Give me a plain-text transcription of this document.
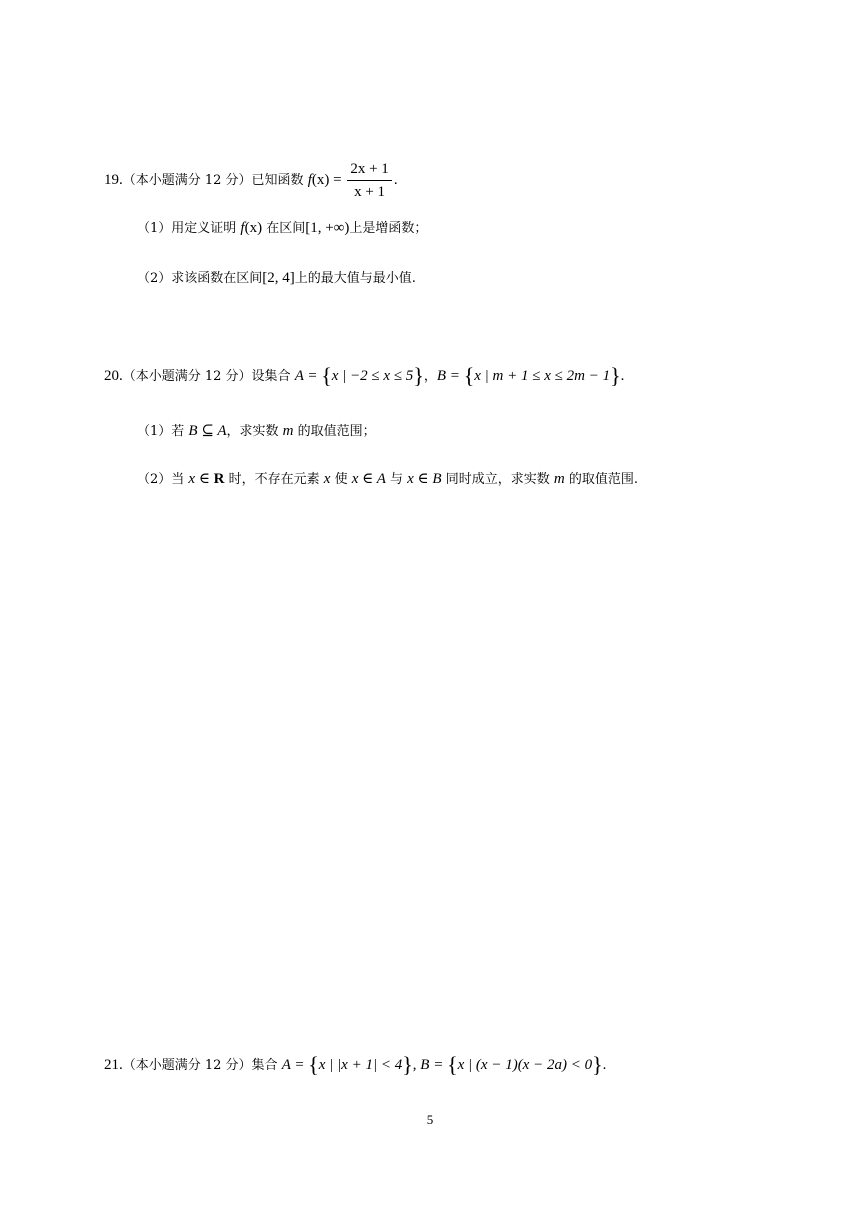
19.（本小题满分 12 分）已知函数 $f(x) = \frac{2x + 1}{x + 1}$ .
（1）用定义证明 f(x) 在区间[1, +∞)上是增函数；
（2）求该函数在区间[2, 4]上的最大值与最小值.
20.（本小题满分 12 分）设集合 A = {x | −2 ≤ x ≤ 5}，B = {x | m + 1 ≤ x ≤ 2m − 1}.
（1）若 B ⊆ A，求实数 m 的取值范围；
（2）当 x ∈ R 时，不存在元素 x 使 x ∈ A 与 x ∈ B 同时成立，求实数 m 的取值范围.
21.（本小题满分 12 分）集合 A = {x | |x + 1| < 4}, B = {x | (x − 1)(x − 2a) < 0}.
5
